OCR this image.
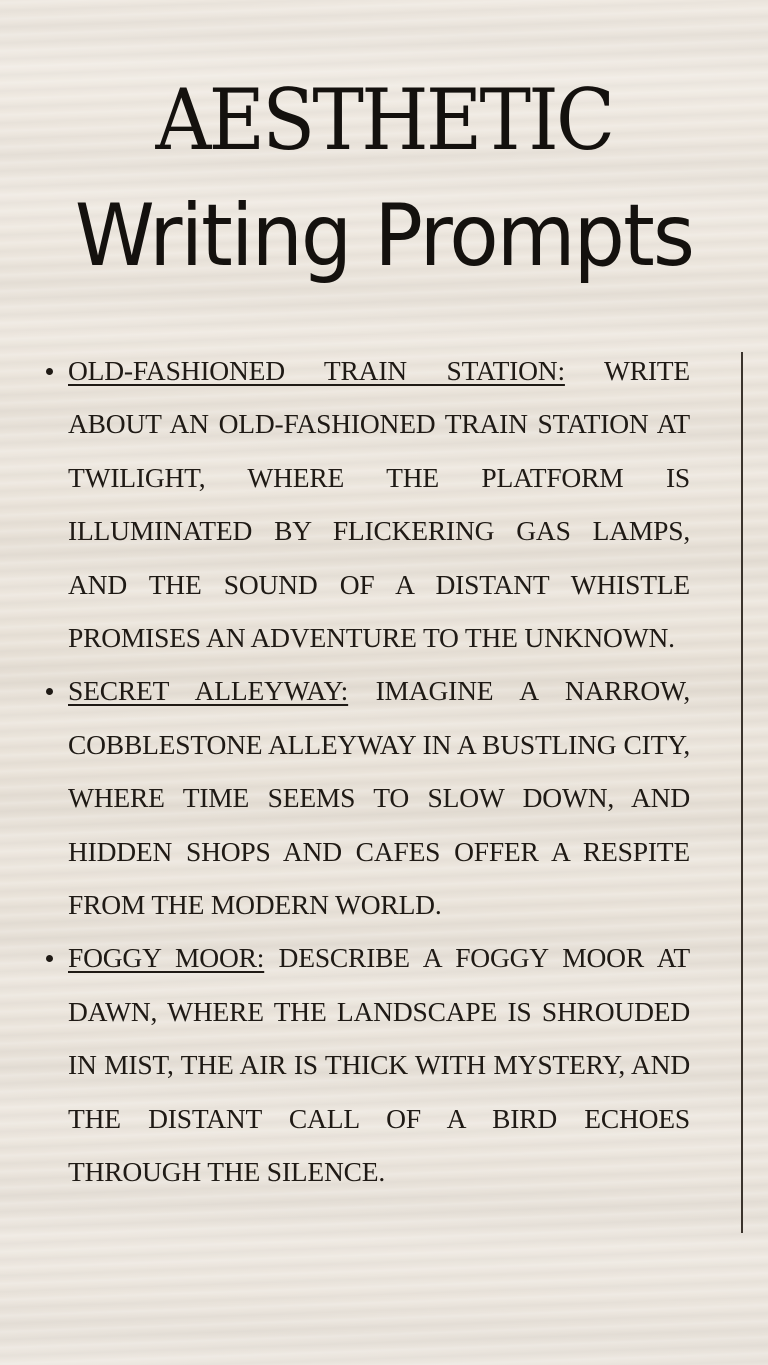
AESTHETIC
Writing Prompts
OLD-FASHIONED TRAIN STATION: WRITE ABOUT AN OLD-FASHIONED TRAIN STATION AT TWILIGHT, WHERE THE PLATFORM IS ILLUMINATED BY FLICKERING GAS LAMPS, AND THE SOUND OF A DISTANT WHISTLE PROMISES AN ADVENTURE TO THE UNKNOWN.
SECRET ALLEYWAY: IMAGINE A NARROW, COBBLESTONE ALLEYWAY IN A BUSTLING CITY, WHERE TIME SEEMS TO SLOW DOWN, AND HIDDEN SHOPS AND CAFES OFFER A RESPITE FROM THE MODERN WORLD.
FOGGY MOOR: DESCRIBE A FOGGY MOOR AT DAWN, WHERE THE LANDSCAPE IS SHROUDED IN MIST, THE AIR IS THICK WITH MYSTERY, AND THE DISTANT CALL OF A BIRD ECHOES THROUGH THE SILENCE.
